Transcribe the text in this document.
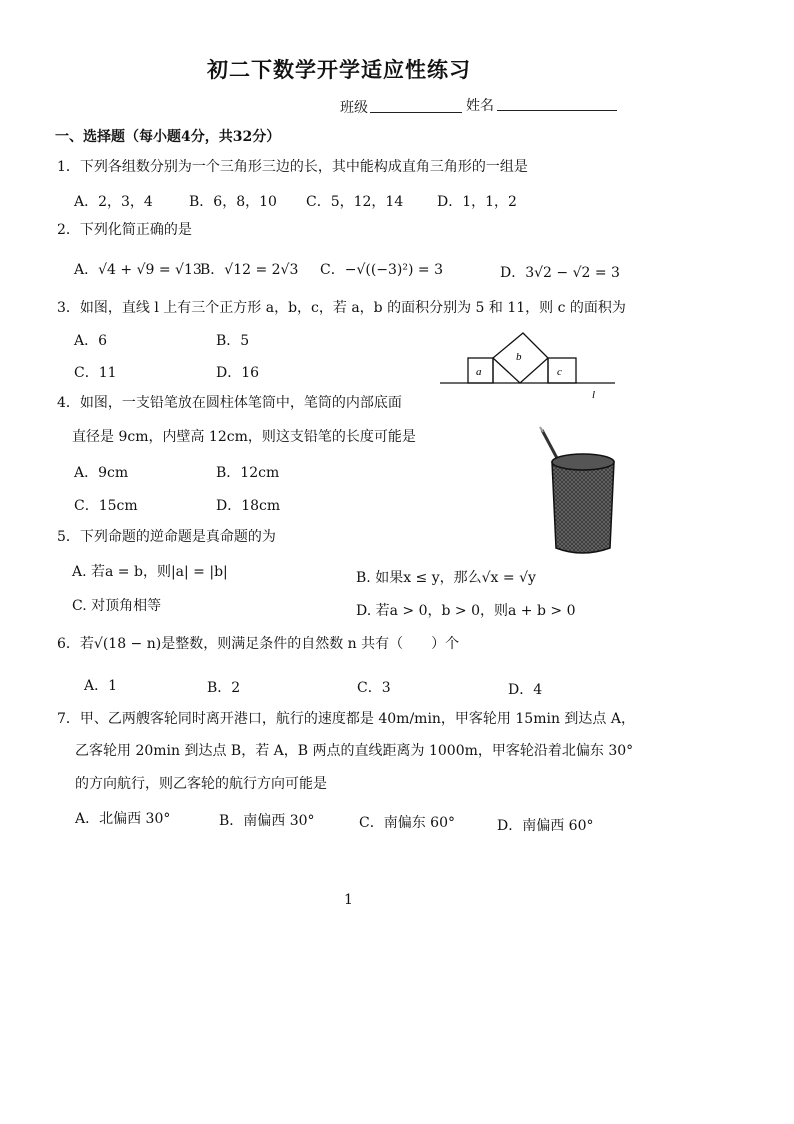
初二下数学开学适应性练习
班级	姓名
一、选择题（每小题4分，共32分）
1．下列各组数分别为一个三角形三边的长，其中能构成直角三角形的一组是
A．2，3，4	B．6，8，10 C．5，12，14 D．1，1，2
2．下列化简正确的是
A．√4 + √9 = √13
B．√12 = 2√3 C．−√((−3)²) = 3	D．3√2 − √2 = 3
3．如图，直线 l 上有三个正方形 a，b，c，若 a，b 的面积分别为 5 和 11，则 c 的面积为
A．6	B．5
C．11	D．16	a
b
c
l
4．如图，一支铅笔放在圆柱体笔筒中，笔筒的内部底面
直径是 9cm，内壁高 12cm，则这支铅笔的长度可能是
A．9cm	B．12cm
C．15cm	D．18cm
5．下列命题的逆命题是真命题的为
A. 若a = b，则|a| = |b|	B. 如果x ≤ y，那么√x = √y
C. 对顶角相等	D. 若a > 0，b > 0，则a + b > 0
6．若√(18 − n)是整数，则满足条件的自然数 n 共有（　　）个
A．1	B．2	C．3	D．4
7．甲、乙两艘客轮同时离开港口，航行的速度都是 40m/min，甲客轮用 15min 到达点 A，
乙客轮用 20min 到达点 B，若 A，B 两点的直线距离为 1000m，甲客轮沿着北偏东 30°
的方向航行，则乙客轮的航行方向可能是
A．北偏西 30°	B．南偏西 30°	C．南偏东 60°	D．南偏西 60°
1
